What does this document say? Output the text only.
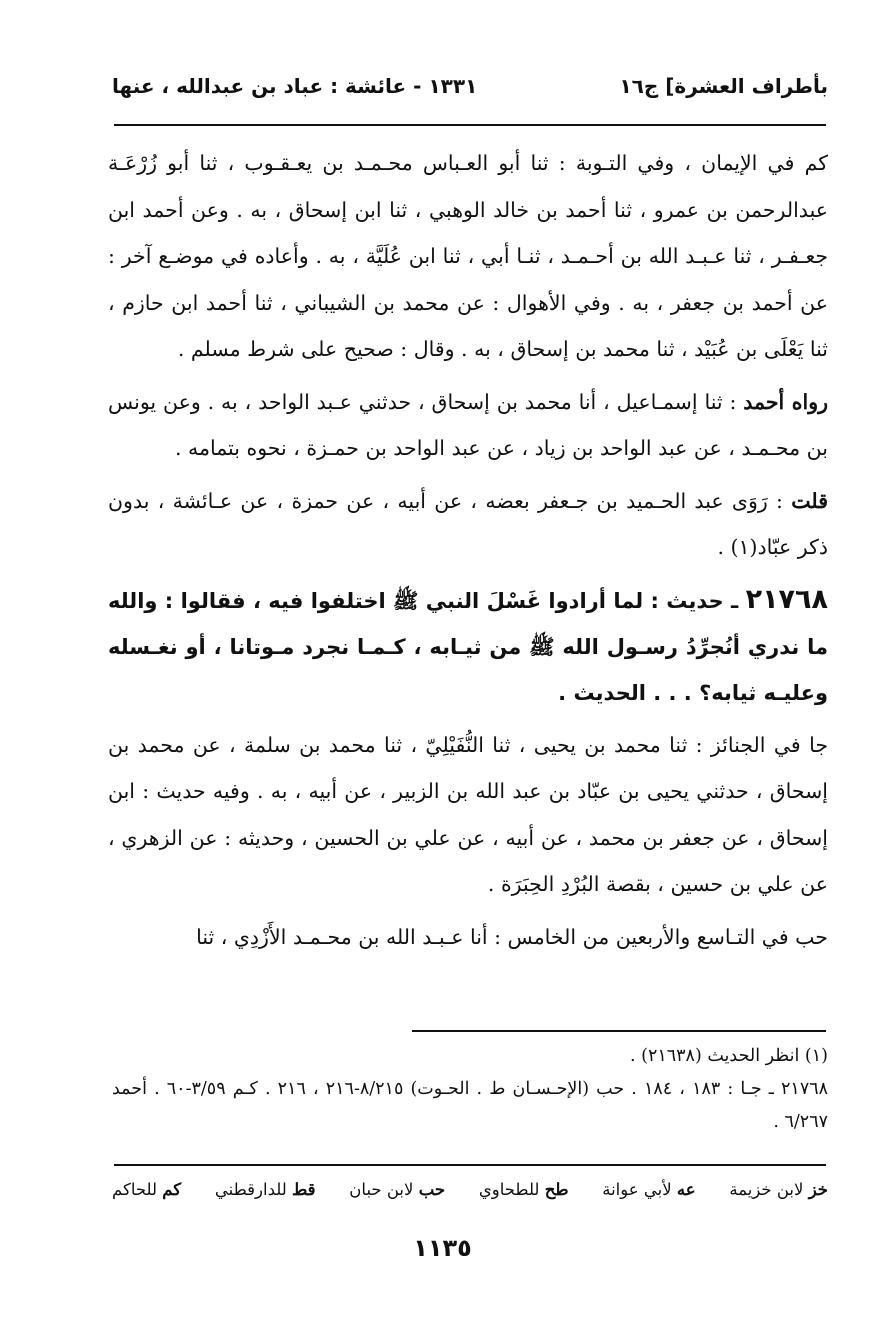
بأطراف العشرة] ج١٦
١٣٣١ - عائشة : عباد بن عبدالله ، عنها

كم في الإيمان ، وفي التـوبة : ثنا أبو العـباس محـمـد بن يعـقـوب ، ثنا أبو زُرْعَـة عبدالرحمن بن عمرو ، ثنا أحمد بن خالد الوهبي ، ثنا ابن إسحاق ، به . وعن أحمد ابن جعـفـر ، ثنا عـبـد الله بن أحـمـد ، ثنـا أبي ، ثنا ابن عُلَيَّة ، به . وأعاده في موضـع آخر : عن أحمد بن جعفر ، به . وفي الأهوال : عن محمد بن الشيباني ، ثنا أحمد ابن حازم ، ثنا يَعْلَى بن عُبَيْد ، ثنا محمد بن إسحاق ، به . وقال : صحيح على شرط مسلم .

رواه أحمد : ثنا إسمـاعيل ، أنا محمد بن إسحاق ، حدثني عـبد الواحد ، به . وعن يونس بن محـمـد ، عن عبد الواحد بن زياد ، عن عبد الواحد بن حمـزة ، نحوه بتمامه .

قلت : رَوَى عبد الحـميد بن جـعفر بعضه ، عن أبيه ، عن حمزة ، عن عـائشة ، بدون ذكر عبّاد(١) .

٢١٧٦٨ ـ حديث : لما أرادوا غَسْلَ النبي ﷺ اختلفوا فيه ، فقالوا : والله ما ندري أنُجرِّدُ رسـول الله ﷺ من ثيـابه ، كـمـا نجرد مـوتانا ، أو نغـسله وعليـه ثيابه؟ . . . الحديث .

جا في الجنائز : ثنا محمد بن يحيى ، ثنا النُّفَيْلِيّ ، ثنا محمد بن سلمة ، عن محمد بن إسحاق ، حدثني يحيى بن عبّاد بن عبد الله بن الزبير ، عن أبيه ، به . وفيه حديث : ابن إسحاق ، عن جعفر بن محمد ، عن أبيه ، عن علي بن الحسين ، وحديثه : عن الزهري ، عن علي بن حسين ، بقصة البُرْدِ الحِبَرَة .

حب في التـاسع والأربعين من الخامس : أنا عـبـد الله بن محـمـد الأَزْدِي ، ثنا

(١) انظر الحديث (٢١٦٣٨) .

٢١٧٦٨ ـ جـا : ١٨٣ ، ١٨٤ . حب (الإحـسـان ط . الحـوت) ٨/٢١٥-٢١٦ ، ٢١٦ . كـم ٣/٥٩-٦٠ . أحمد ٦/٢٦٧ .

خز لابن خزيمة
عه لأبي عوانة
طح للطحاوي
حب لابن حبان
قط للدارقطني
كم للحاكم
١١٣٥
